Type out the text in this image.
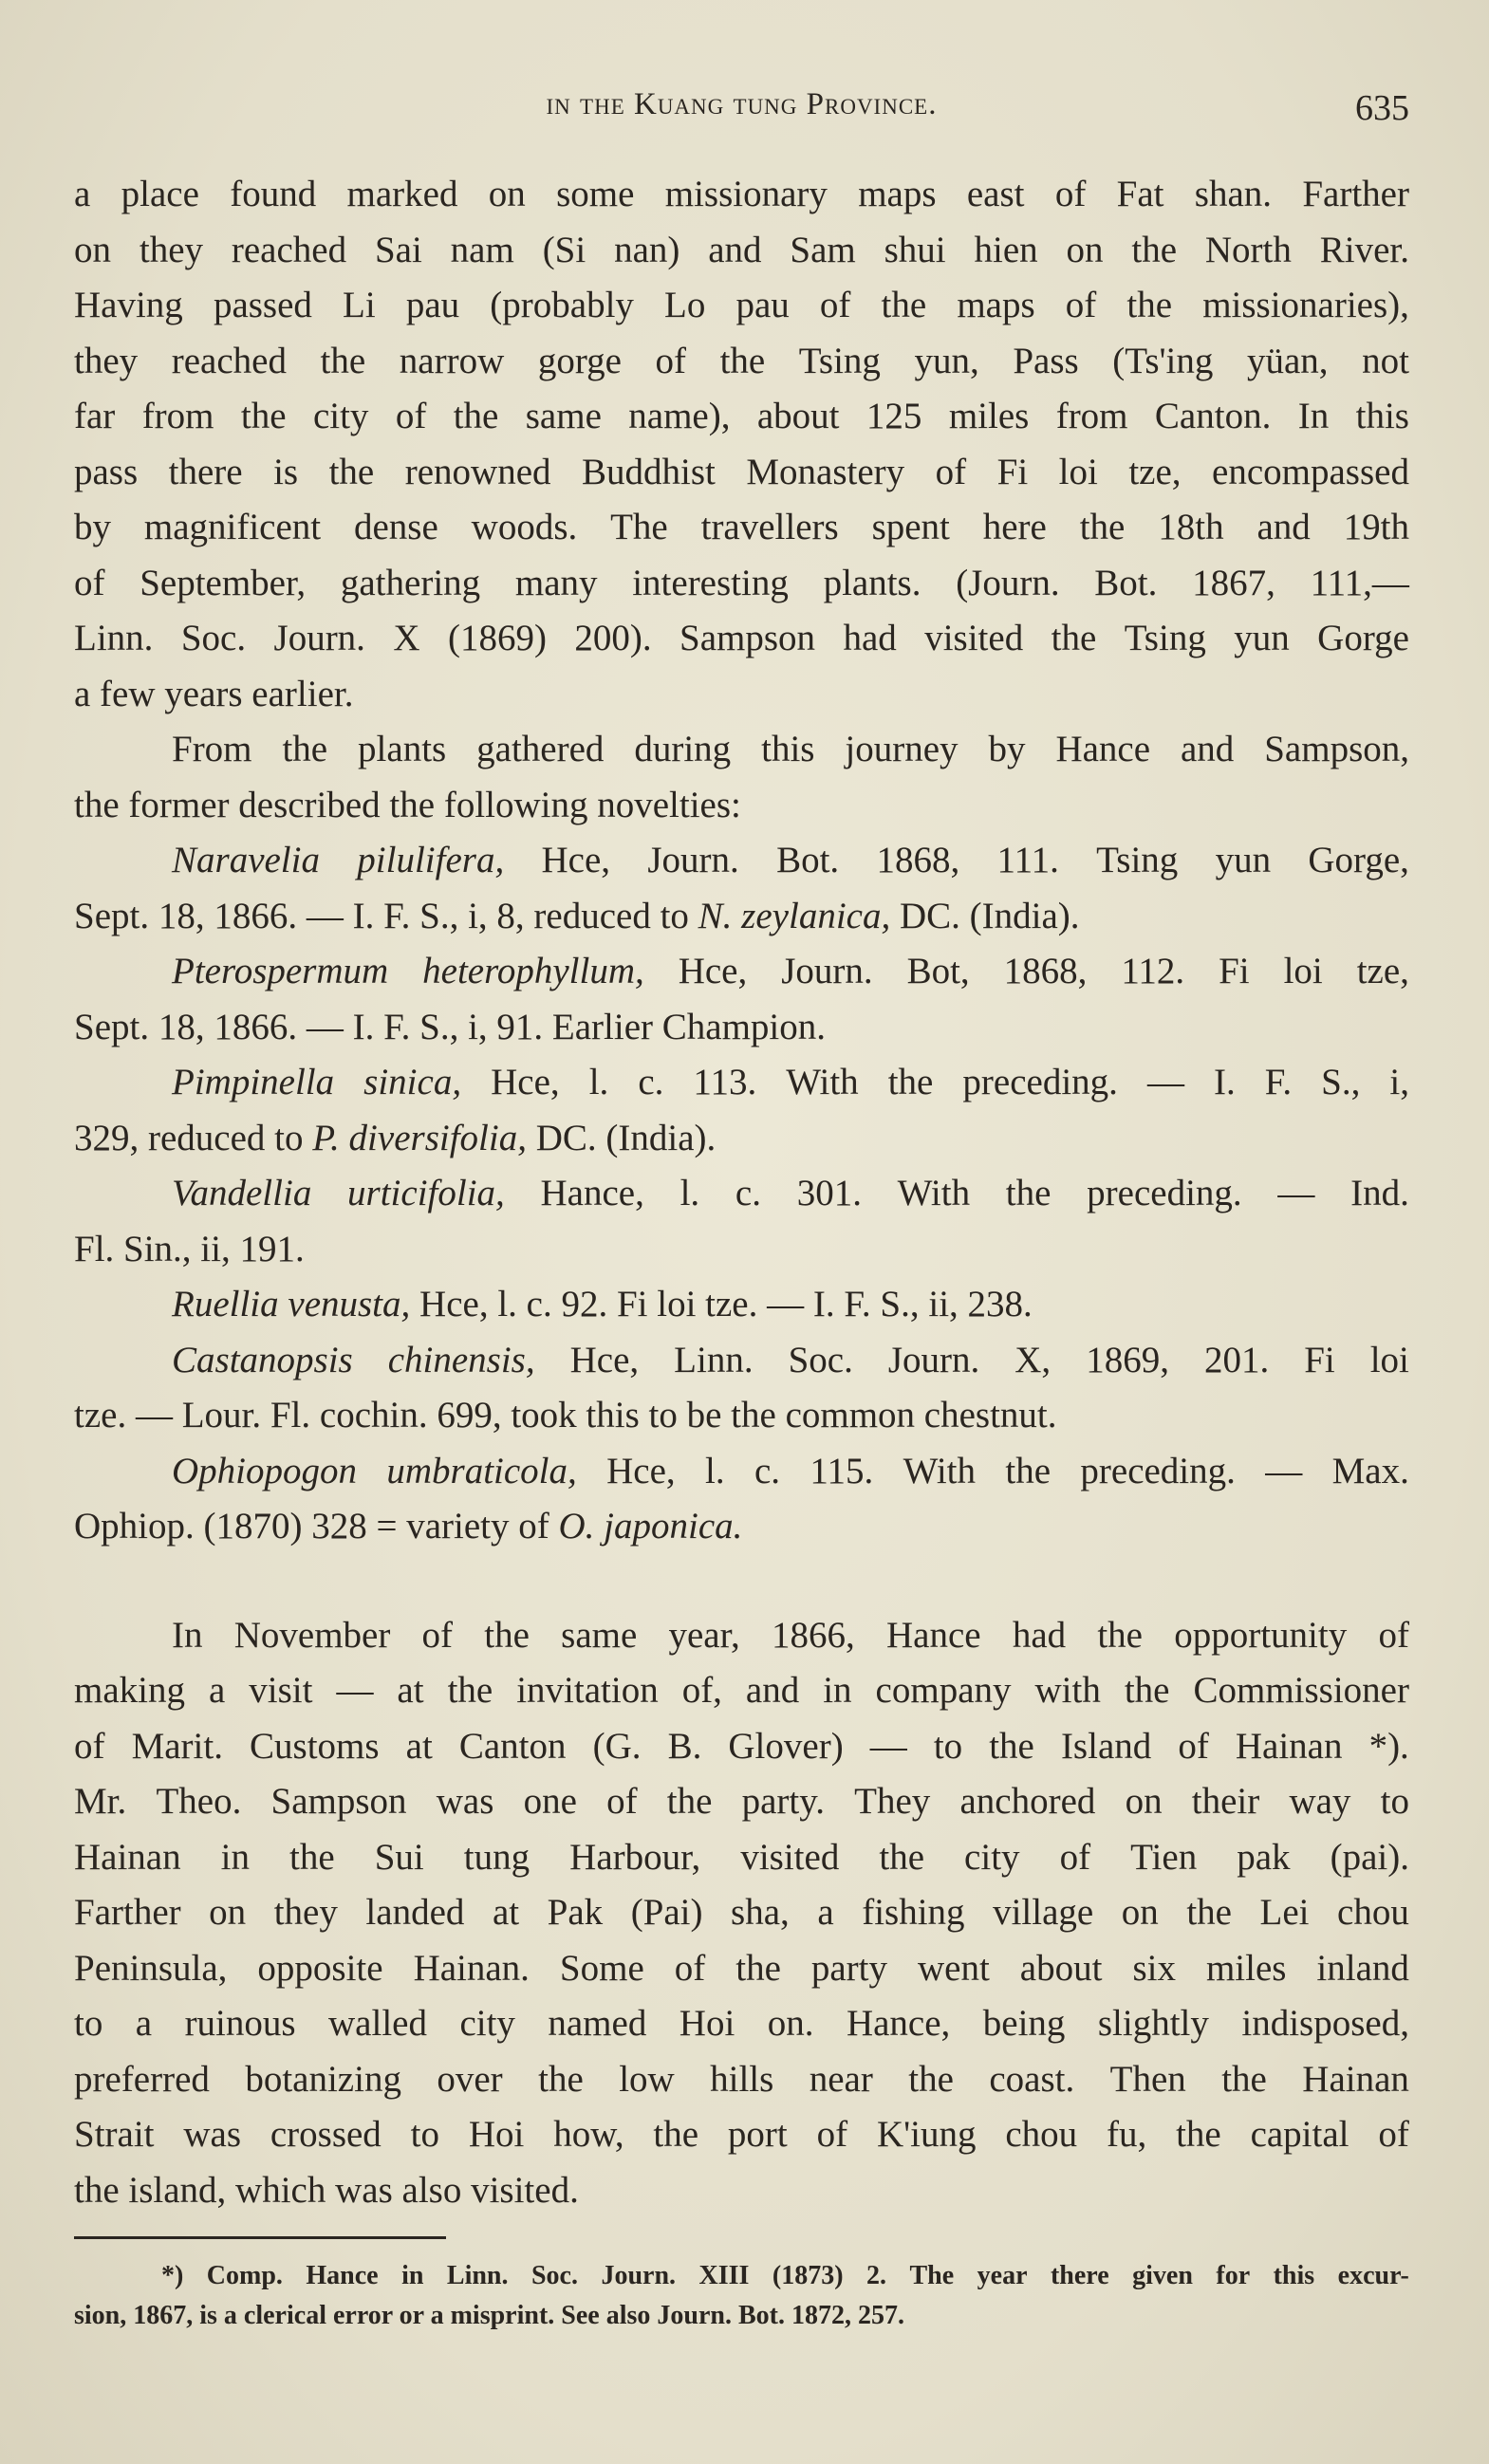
in the Kuang tung Province.	635
a place found marked on some missionary maps east of Fat shan. Farther
on they reached Sai nam (Si nan) and Sam shui hien on the North River.
Having passed Li pau (probably Lo pau of the maps of the missionaries),
they reached the narrow gorge of the Tsing yun, Pass (Ts'ing yüan, not
far from the city of the same name), about 125 miles from Canton. In this
pass there is the renowned Buddhist Monastery of Fi loi tze, encompassed
by magnificent dense woods. The travellers spent here the 18th and 19th
of September, gathering many interesting plants. (Journ. Bot. 1867, 111,—
Linn. Soc. Journ. X (1869) 200). Sampson had visited the Tsing yun Gorge
a few years earlier.
From the plants gathered during this journey by Hance and Sampson,
the former described the following novelties:
Naravelia pilulifera, Hce, Journ. Bot. 1868, 111. Tsing yun Gorge,
Sept. 18, 1866. — I. F. S., i, 8, reduced to N. zeylanica, DC. (India).
Pterospermum heterophyllum, Hce, Journ. Bot, 1868, 112. Fi loi tze,
Sept. 18, 1866. — I. F. S., i, 91. Earlier Champion.
Pimpinella sinica, Hce, l. c. 113. With the preceding. — I. F. S., i,
329, reduced to P. diversifolia, DC. (India).
Vandellia urticifolia, Hance, l. c. 301. With the preceding. — Ind.
Fl. Sin., ii, 191.
Ruellia venusta, Hce, l. c. 92. Fi loi tze. — I. F. S., ii, 238.
Castanopsis chinensis, Hce, Linn. Soc. Journ. X, 1869, 201. Fi loi
tze. — Lour. Fl. cochin. 699, took this to be the common chestnut.
Ophiopogon umbraticola, Hce, l. c. 115. With the preceding. — Max.
Ophiop. (1870) 328 = variety of O. japonica.
In November of the same year, 1866, Hance had the opportunity of
making a visit — at the invitation of, and in company with the Commissioner
of Marit. Customs at Canton (G. B. Glover) — to the Island of Hainan *).
Mr. Theo. Sampson was one of the party. They anchored on their way to
Hainan in the Sui tung Harbour, visited the city of Tien pak (pai).
Farther on they landed at Pak (Pai) sha, a fishing village on the Lei chou
Peninsula, opposite Hainan. Some of the party went about six miles inland
to a ruinous walled city named Hoi on. Hance, being slightly indisposed,
preferred botanizing over the low hills near the coast. Then the Hainan
Strait was crossed to Hoi how, the port of K'iung chou fu, the capital of
the island, which was also visited.
*) Comp. Hance in Linn. Soc. Journ. XIII (1873) 2. The year there given for this excur-
sion, 1867, is a clerical error or a misprint. See also Journ. Bot. 1872, 257.
